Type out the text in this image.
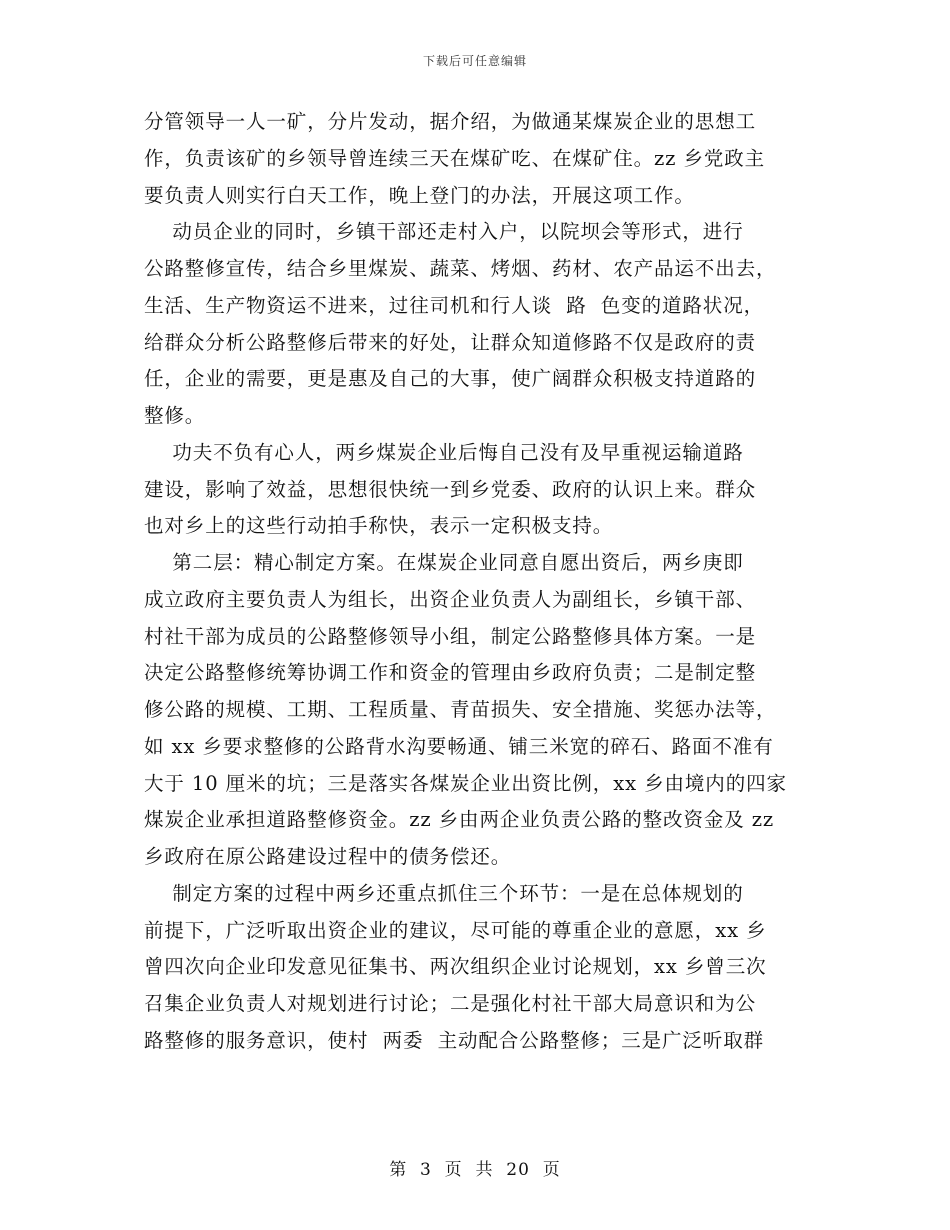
下载后可任意编辑
分管领导一人一矿，分片发动，据介绍，为做通某煤炭企业的思想工
作，负责该矿的乡领导曾连续三天在煤矿吃、在煤矿住。zz 乡党政主
要负责人则实行白天工作，晚上登门的办法，开展这项工作。
动员企业的同时，乡镇干部还走村入户，以院坝会等形式，进行
公路整修宣传，结合乡里煤炭、蔬菜、烤烟、药材、农产品运不出去，
生活、生产物资运不进来，过往司机和行人谈  路  色变的道路状况，
给群众分析公路整修后带来的好处，让群众知道修路不仅是政府的责
任，企业的需要，更是惠及自己的大事，使广阔群众积极支持道路的
整修。
功夫不负有心人，两乡煤炭企业后悔自己没有及早重视运输道路
建设，影响了效益，思想很快统一到乡党委、政府的认识上来。群众
也对乡上的这些行动拍手称快，表示一定积极支持。
第二层：精心制定方案。在煤炭企业同意自愿出资后，两乡庚即
成立政府主要负责人为组长，出资企业负责人为副组长，乡镇干部、
村社干部为成员的公路整修领导小组，制定公路整修具体方案。一是
决定公路整修统筹协调工作和资金的管理由乡政府负责；二是制定整
修公路的规模、工期、工程质量、青苗损失、安全措施、奖惩办法等，
如 xx 乡要求整修的公路背水沟要畅通、铺三米宽的碎石、路面不准有
大于 10 厘米的坑；三是落实各煤炭企业出资比例，xx 乡由境内的四家
煤炭企业承担道路整修资金。zz 乡由两企业负责公路的整改资金及 zz
乡政府在原公路建设过程中的债务偿还。
制定方案的过程中两乡还重点抓住三个环节：一是在总体规划的
前提下，广泛听取出资企业的建议，尽可能的尊重企业的意愿，xx 乡
曾四次向企业印发意见征集书、两次组织企业讨论规划，xx 乡曾三次
召集企业负责人对规划进行讨论；二是强化村社干部大局意识和为公
路整修的服务意识，使村  两委  主动配合公路整修；三是广泛听取群
第  3  页  共  20  页
